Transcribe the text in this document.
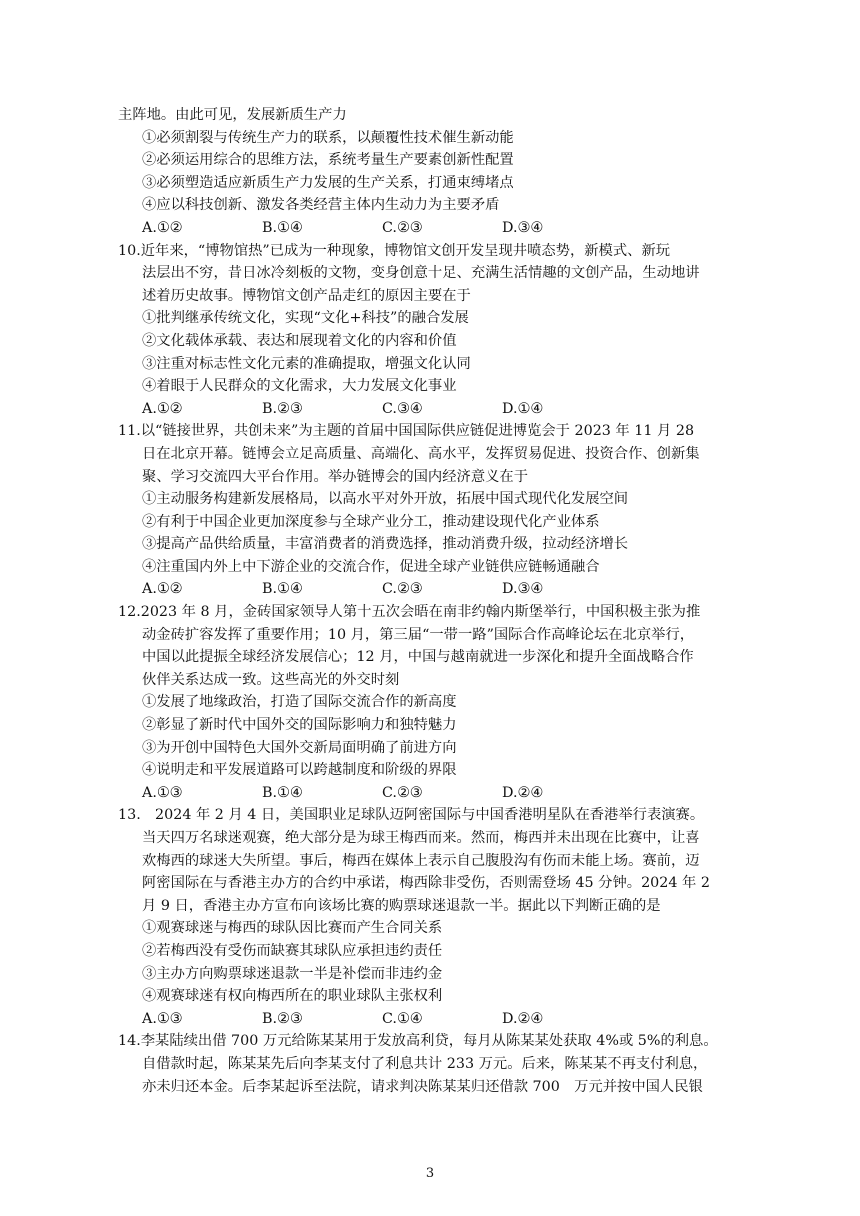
主阵地。由此可见，发展新质生产力
①必须割裂与传统生产力的联系，以颠覆性技术催生新动能
②必须运用综合的思维方法，系统考量生产要素创新性配置
③必须塑造适应新质生产力发展的生产关系，打通束缚堵点
④应以科技创新、激发各类经营主体内生动力为主要矛盾
A.①②	B.①④	C.②③	D.③④
10.近年来，“博物馆热”已成为一种现象，博物馆文创开发呈现井喷态势，新模式、新玩
法层出不穷，昔日冰冷刻板的文物，变身创意十足、充满生活情趣的文创产品，生动地讲
述着历史故事。博物馆文创产品走红的原因主要在于
①批判继承传统文化，实现“文化+科技”的融合发展
②文化载体承载、表达和展现着文化的内容和价值
③注重对标志性文化元素的准确提取，增强文化认同
④着眼于人民群众的文化需求，大力发展文化事业
A.①②	B.②③	C.③④	D.①④
11.以“链接世界，共创未来”为主题的首届中国国际供应链促进博览会于 2023 年 11 月 28
日在北京开幕。链博会立足高质量、高端化、高水平，发挥贸易促进、投资合作、创新集
聚、学习交流四大平台作用。举办链博会的国内经济意义在于
①主动服务构建新发展格局，以高水平对外开放，拓展中国式现代化发展空间
②有利于中国企业更加深度参与全球产业分工，推动建设现代化产业体系
③提高产品供给质量，丰富消费者的消费选择，推动消费升级，拉动经济增长
④注重国内外上中下游企业的交流合作，促进全球产业链供应链畅通融合
A.①②	B.①④	C.②③	D.③④
12.2023 年 8 月，金砖国家领导人第十五次会晤在南非约翰内斯堡举行，中国积极主张为推
动金砖扩容发挥了重要作用；10 月，第三届“一带一路”国际合作高峰论坛在北京举行，
中国以此提振全球经济发展信心；12 月，中国与越南就进一步深化和提升全面战略合作
伙伴关系达成一致。这些高光的外交时刻
①发展了地缘政治，打造了国际交流合作的新高度
②彰显了新时代中国外交的国际影响力和独特魅力
③为开创中国特色大国外交新局面明确了前进方向
④说明走和平发展道路可以跨越制度和阶级的界限
A.①③	B.①④	C.②③	D.②④
13.　2024 年 2 月 4 日，美国职业足球队迈阿密国际与中国香港明星队在香港举行表演赛。
当天四万名球迷观赛，绝大部分是为球王梅西而来。然而，梅西并未出现在比赛中，让喜
欢梅西的球迷大失所望。事后，梅西在媒体上表示自己腹股沟有伤而未能上场。赛前，迈
阿密国际在与香港主办方的合约中承诺，梅西除非受伤，否则需登场 45 分钟。2024 年 2
月 9 日，香港主办方宣布向该场比赛的购票球迷退款一半。据此以下判断正确的是
①观赛球迷与梅西的球队因比赛而产生合同关系
②若梅西没有受伤而缺赛其球队应承担违约责任
③主办方向购票球迷退款一半是补偿而非违约金
④观赛球迷有权向梅西所在的职业球队主张权利
A.①③	B.②③	C.①④	D.②④
14.李某陆续出借 700 万元给陈某某用于发放高利贷，每月从陈某某处获取 4%或 5%的利息。
自借款时起，陈某某先后向李某支付了利息共计 233 万元。后来，陈某某不再支付利息，
亦未归还本金。后李某起诉至法院，请求判决陈某某归还借款 700　万元并按中国人民银
3
